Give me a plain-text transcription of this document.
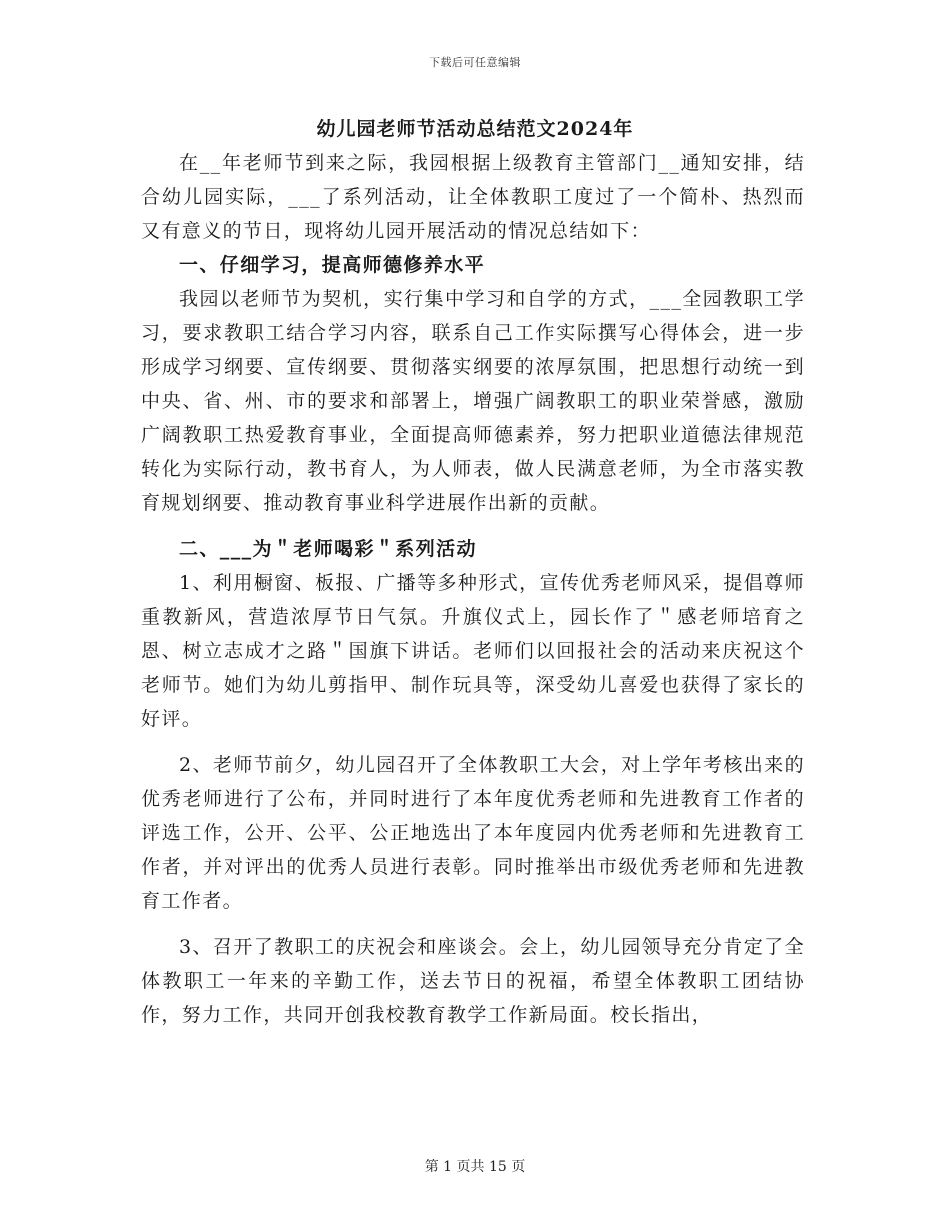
下载后可任意编辑
幼儿园老师节活动总结范文2024年

在__年老师节到来之际，我园根据上级教育主管部门__通知安排，结合幼儿园实际，___了系列活动，让全体教职工度过了一个简朴、热烈而又有意义的节日，现将幼儿园开展活动的情况总结如下：

一、仔细学习，提高师德修养水平

我园以老师节为契机，实行集中学习和自学的方式，___全园教职工学习，要求教职工结合学习内容，联系自己工作实际撰写心得体会，进一步形成学习纲要、宣传纲要、贯彻落实纲要的浓厚氛围，把思想行动统一到中央、省、州、市的要求和部署上，增强广阔教职工的职业荣誉感，激励广阔教职工热爱教育事业，全面提高师德素养，努力把职业道德法律规范转化为实际行动，教书育人，为人师表，做人民满意老师，为全市落实教育规划纲要、推动教育事业科学进展作出新的贡献。

二、___为＂老师喝彩＂系列活动

1、利用橱窗、板报、广播等多种形式，宣传优秀老师风采，提倡尊师重教新风，营造浓厚节日气氛。升旗仪式上，园长作了＂感老师培育之恩、树立志成才之路＂国旗下讲话。老师们以回报社会的活动来庆祝这个老师节。她们为幼儿剪指甲、制作玩具等，深受幼儿喜爱也获得了家长的好评。

2、老师节前夕，幼儿园召开了全体教职工大会，对上学年考核出来的优秀老师进行了公布，并同时进行了本年度优秀老师和先进教育工作者的评选工作，公开、公平、公正地选出了本年度园内优秀老师和先进教育工作者，并对评出的优秀人员进行表彰。同时推举出市级优秀老师和先进教育工作者。

3、召开了教职工的庆祝会和座谈会。会上，幼儿园领导充分肯定了全体教职工一年来的辛勤工作，送去节日的祝福，希望全体教职工团结协作，努力工作，共同开创我校教育教学工作新局面。校长指出，

第 1 页共 15 页
